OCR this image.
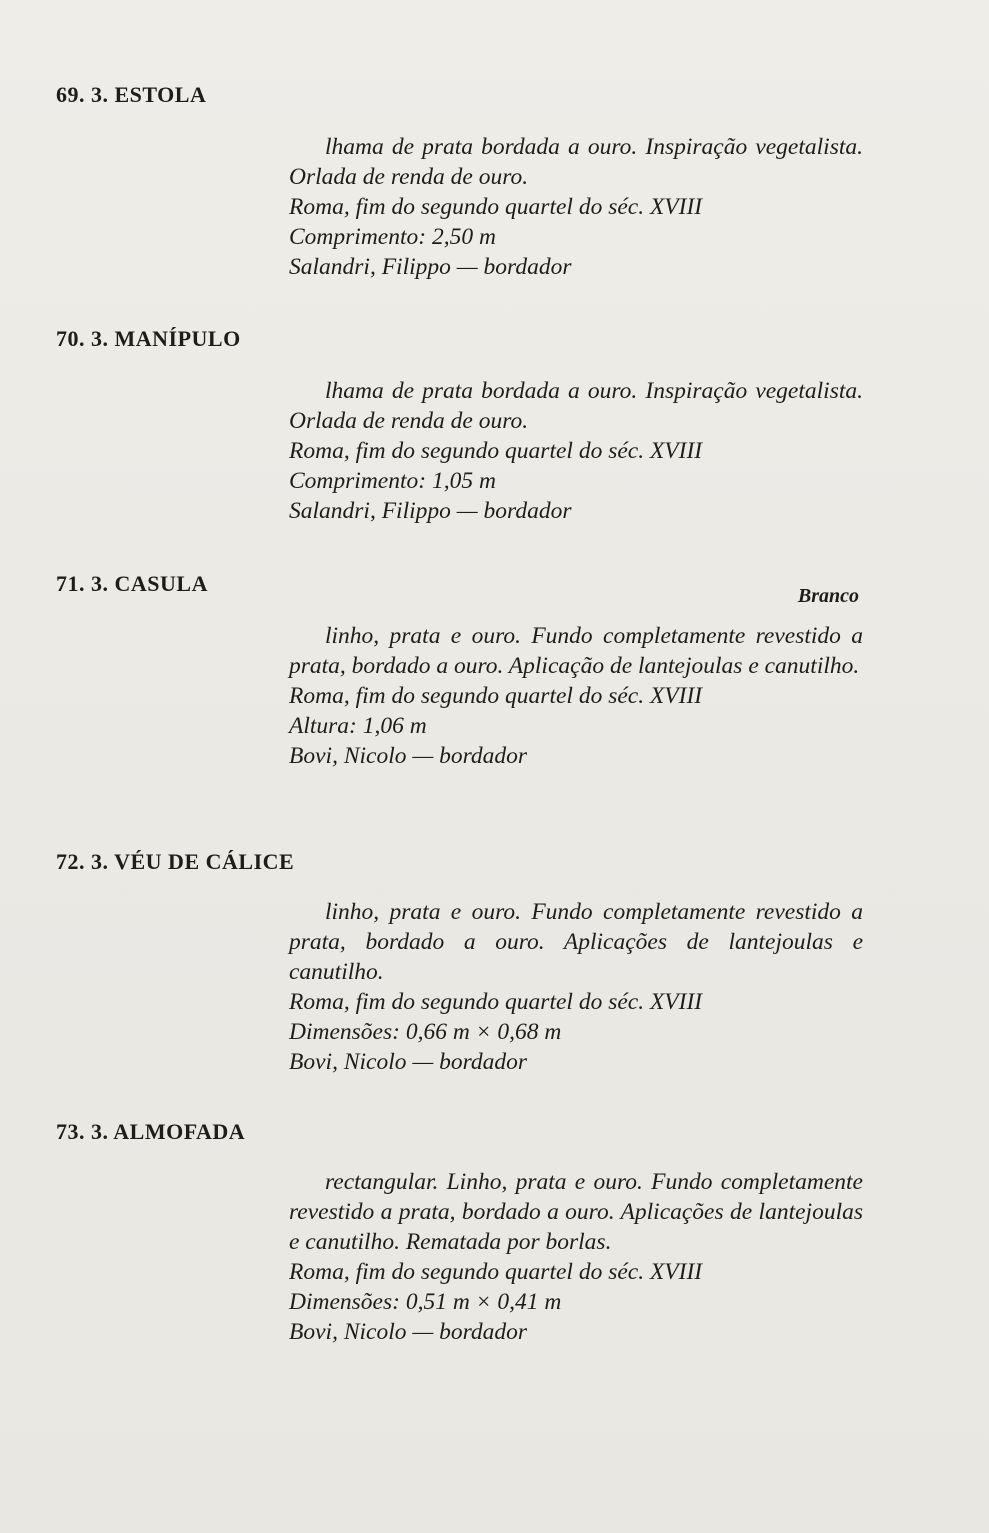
69. 3. ESTOLA

lhama de prata bordada a ouro. Inspiração vegetalista. Orlada de renda de ouro.

Roma, fim do segundo quartel do séc. XVIII

Comprimento: 2,50 m

Salandri, Filippo — bordador

70. 3. MANÍPULO

lhama de prata bordada a ouro. Inspiração vegetalista. Orlada de renda de ouro.

Roma, fim do segundo quartel do séc. XVIII

Comprimento: 1,05 m

Salandri, Filippo — bordador

71. 3. CASULA	Branco

linho, prata e ouro. Fundo completamente revestido a prata, bordado a ouro. Aplicação de lantejoulas e canutilho.

Roma, fim do segundo quartel do séc. XVIII

Altura: 1,06 m

Bovi, Nicolo — bordador

72. 3. VÉU DE CÁLICE

linho, prata e ouro. Fundo completamente revestido a prata, bordado a ouro. Aplicações de lantejoulas e canutilho.

Roma, fim do segundo quartel do séc. XVIII

Dimensões: 0,66 m × 0,68 m

Bovi, Nicolo — bordador

73. 3. ALMOFADA

rectangular. Linho, prata e ouro. Fundo completamente revestido a prata, bordado a ouro. Aplicações de lantejoulas e canutilho. Rematada por borlas.

Roma, fim do segundo quartel do séc. XVIII

Dimensões: 0,51 m × 0,41 m

Bovi, Nicolo — bordador
